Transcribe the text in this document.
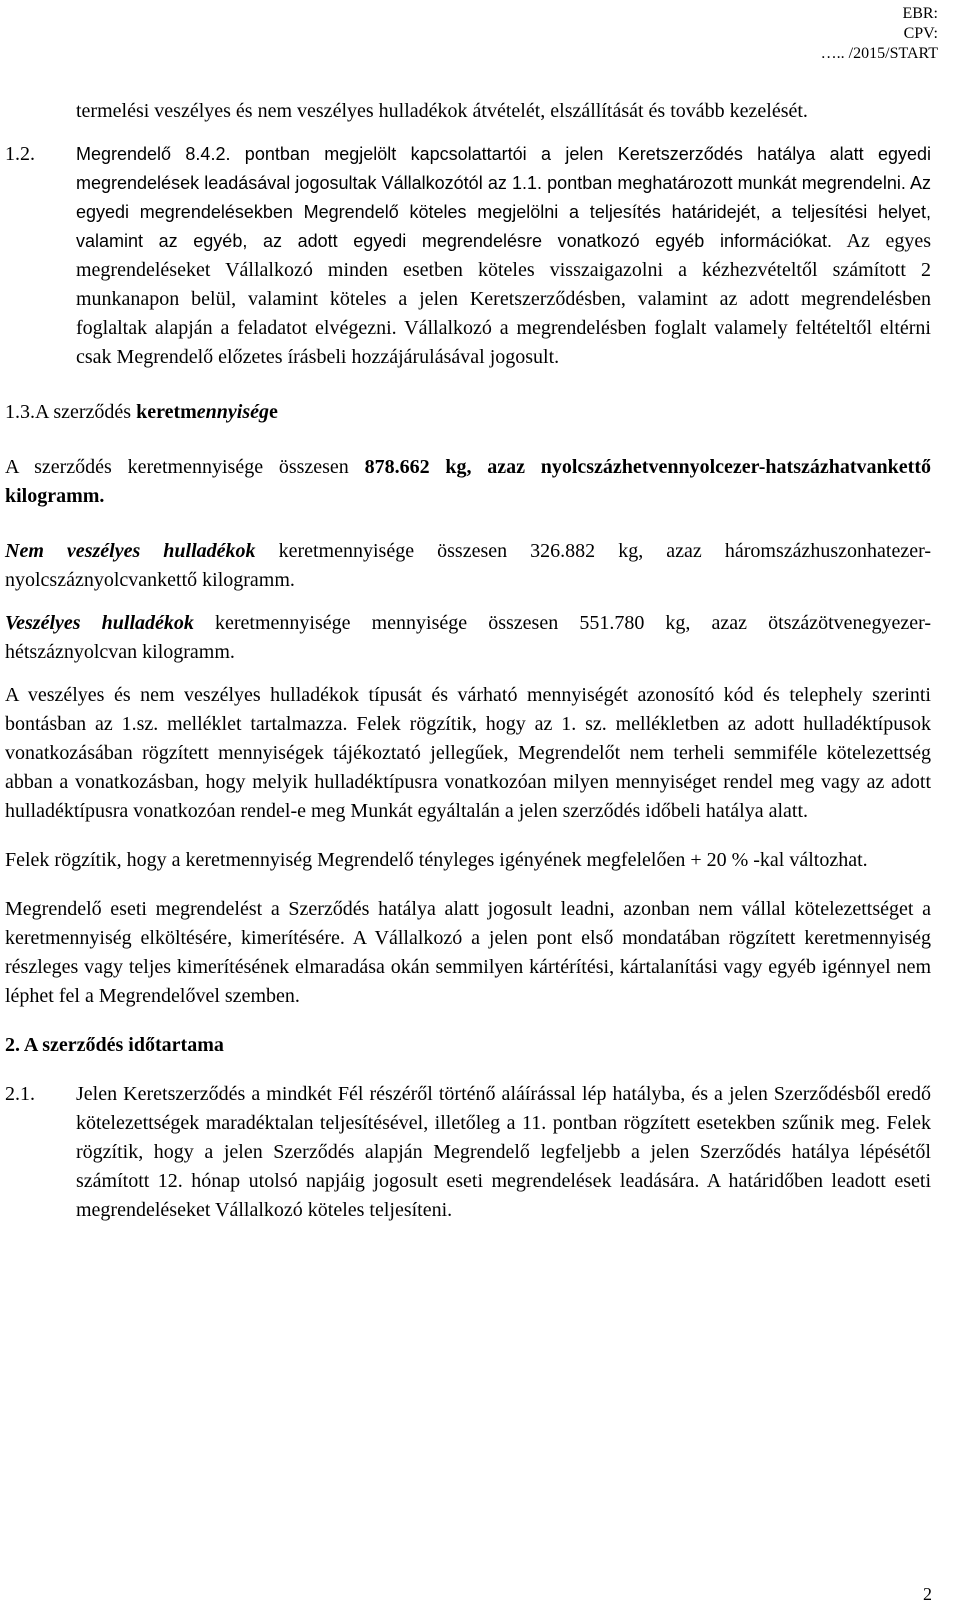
EBR:
CPV:
….. /2015/START

termelési veszélyes és nem veszélyes hulladékok átvételét, elszállítását és tovább kezelését.

1.2. Megrendelő 8.4.2. pontban megjelölt kapcsolattartói a jelen Keretszerződés hatálya alatt egyedi megrendelések leadásával jogosultak Vállalkozótól az 1.1. pontban meghatározott munkát megrendelni. Az egyedi megrendelésekben Megrendelő köteles megjelölni a teljesítés határidejét, a teljesítési helyet, valamint az egyéb, az adott egyedi megrendelésre vonatkozó egyéb információkat. Az egyes megrendeléseket Vállalkozó minden esetben köteles visszaigazolni a kézhezvételtől számított 2 munkanapon belül, valamint köteles a jelen Keretszerződésben, valamint az adott megrendelésben foglaltak alapján a feladatot elvégezni. Vállalkozó a megrendelésben foglalt valamely feltételtől eltérni csak Megrendelő előzetes írásbeli hozzájárulásával jogosult.

1.3.A szerződés keretmennyisége

A szerződés keretmennyisége összesen 878.662 kg, azaz nyolcszázhetvennyolcezer-hatszázhatvankettő kilogramm.

Nem veszélyes hulladékok keretmennyisége összesen 326.882 kg, azaz háromszázhuszonhatezer-nyolcszáznyolcvankettő kilogramm.

Veszélyes hulladékok keretmennyisége mennyisége összesen 551.780 kg, azaz ötszázötvenegyezer-hétszáznyolcvan kilogramm.

A veszélyes és nem veszélyes hulladékok típusát és várható mennyiségét azonosító kód és telephely szerinti bontásban az 1.sz. melléklet tartalmazza. Felek rögzítik, hogy az 1. sz. mellékletben az adott hulladéktípusok vonatkozásában rögzített mennyiségek tájékoztató jellegűek, Megrendelőt nem terheli semmiféle kötelezettség abban a vonatkozásban, hogy melyik hulladéktípusra vonatkozóan milyen mennyiséget rendel meg vagy az adott hulladéktípusra vonatkozóan rendel-e meg Munkát egyáltalán a jelen szerződés időbeli hatálya alatt.

Felek rögzítik, hogy a keretmennyiség Megrendelő tényleges igényének megfelelően + 20 % -kal változhat.

Megrendelő eseti megrendelést a Szerződés hatálya alatt jogosult leadni, azonban nem vállal kötelezettséget a keretmennyiség elköltésére, kimerítésére. A Vállalkozó a jelen pont első mondatában rögzített keretmennyiség részleges vagy teljes kimerítésének elmaradása okán semmilyen kártérítési, kártalanítási vagy egyéb igénnyel nem léphet fel a Megrendelővel szemben.

2. A szerződés időtartama

2.1. Jelen Keretszerződés a mindkét Fél részéről történő aláírással lép hatályba, és a jelen Szerződésből eredő kötelezettségek maradéktalan teljesítésével, illetőleg a 11. pontban rögzített esetekben szűnik meg. Felek rögzítik, hogy a jelen Szerződés alapján Megrendelő legfeljebb a jelen Szerződés hatálya lépésétől számított 12. hónap utolsó napjáig jogosult eseti megrendelések leadására. A határidőben leadott eseti megrendeléseket Vállalkozó köteles teljesíteni.

2
